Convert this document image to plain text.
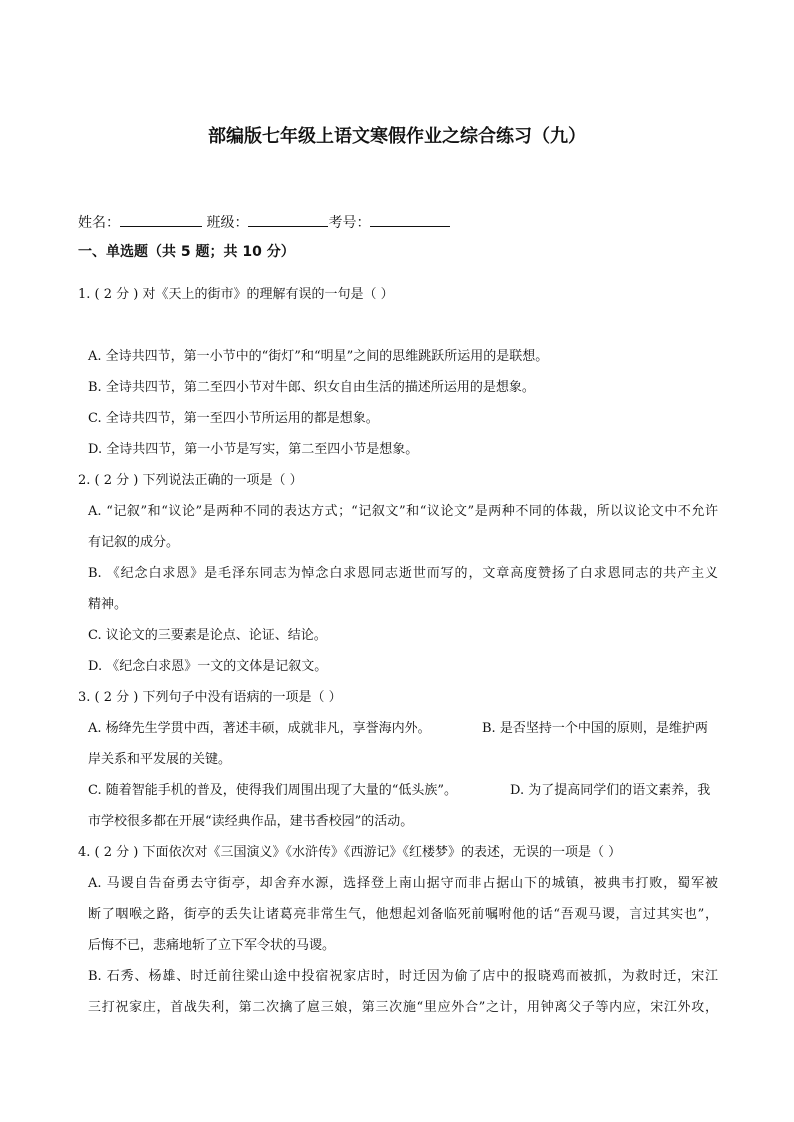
部编版七年级上语文寒假作业之综合练习（九）
姓名：	班级：	考号：
一、单选题（共 5 题；共 10 分）
1. ( 2 分 ) 对《天上的街市》的理解有误的一句是（ ）
A. 全诗共四节，第一小节中的“街灯”和“明星”之间的思维跳跃所运用的是联想。
B. 全诗共四节，第二至四小节对牛郎、织女自由生活的描述所运用的是想象。
C. 全诗共四节，第一至四小节所运用的都是想象。
D. 全诗共四节，第一小节是写实，第二至四小节是想象。
2. ( 2 分 ) 下列说法正确的一项是（ ）
A. “记叙”和“议论”是两种不同的表达方式；“记叙文”和“议论文”是两种不同的体裁，所以议论文中不允许
有记叙的成分。
B. 《纪念白求恩》是毛泽东同志为悼念白求恩同志逝世而写的，文章高度赞扬了白求恩同志的共产主义
精神。
C. 议论文的三要素是论点、论证、结论。
D. 《纪念白求恩》一文的文体是记叙文。
3. ( 2 分 ) 下列句子中没有语病的一项是（ ）
A. 杨绛先生学贯中西，著述丰硕，成就非凡，享誉海内外。	B. 是否坚持一个中国的原则，是维护两
岸关系和平发展的关键。
C. 随着智能手机的普及，使得我们周围出现了大量的“低头族”。	D. 为了提高同学们的语文素养，我
市学校很多都在开展“读经典作品，建书香校园”的活动。
4. ( 2 分 ) 下面依次对《三国演义》《水浒传》《西游记》《红楼梦》的表述，无误的一项是（ ）
A. 马谡自告奋勇去守街亭，却舍弃水源，选择登上南山据守而非占据山下的城镇，被典韦打败，蜀军被
断了咽喉之路，街亭的丢失让诸葛亮非常生气，他想起刘备临死前嘱咐他的话“吾观马谡，言过其实也”，
后悔不已，悲痛地斩了立下军令状的马谡。
B. 石秀、杨雄、时迁前往梁山途中投宿祝家店时，时迁因为偷了店中的报晓鸡而被抓，为救时迁，宋江
三打祝家庄，首战失利，第二次擒了扈三娘，第三次施“里应外合”之计，用钟离父子等内应，宋江外攻，
